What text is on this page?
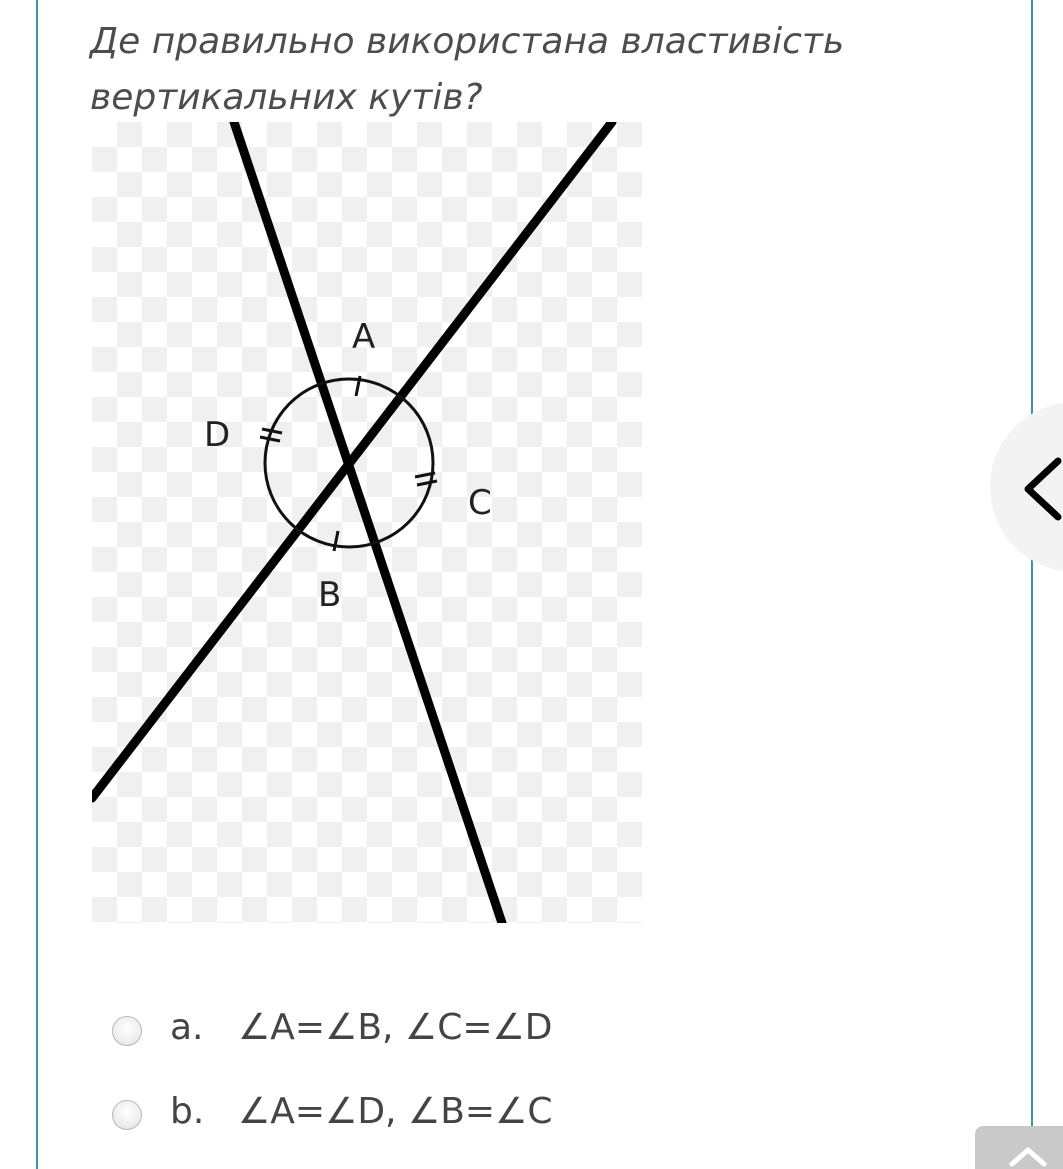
Де правильно використана властивість вертикальних кутів?
A
B
C
D
a. ∠A=∠B, ∠C=∠D
b. ∠A=∠D, ∠B=∠C
